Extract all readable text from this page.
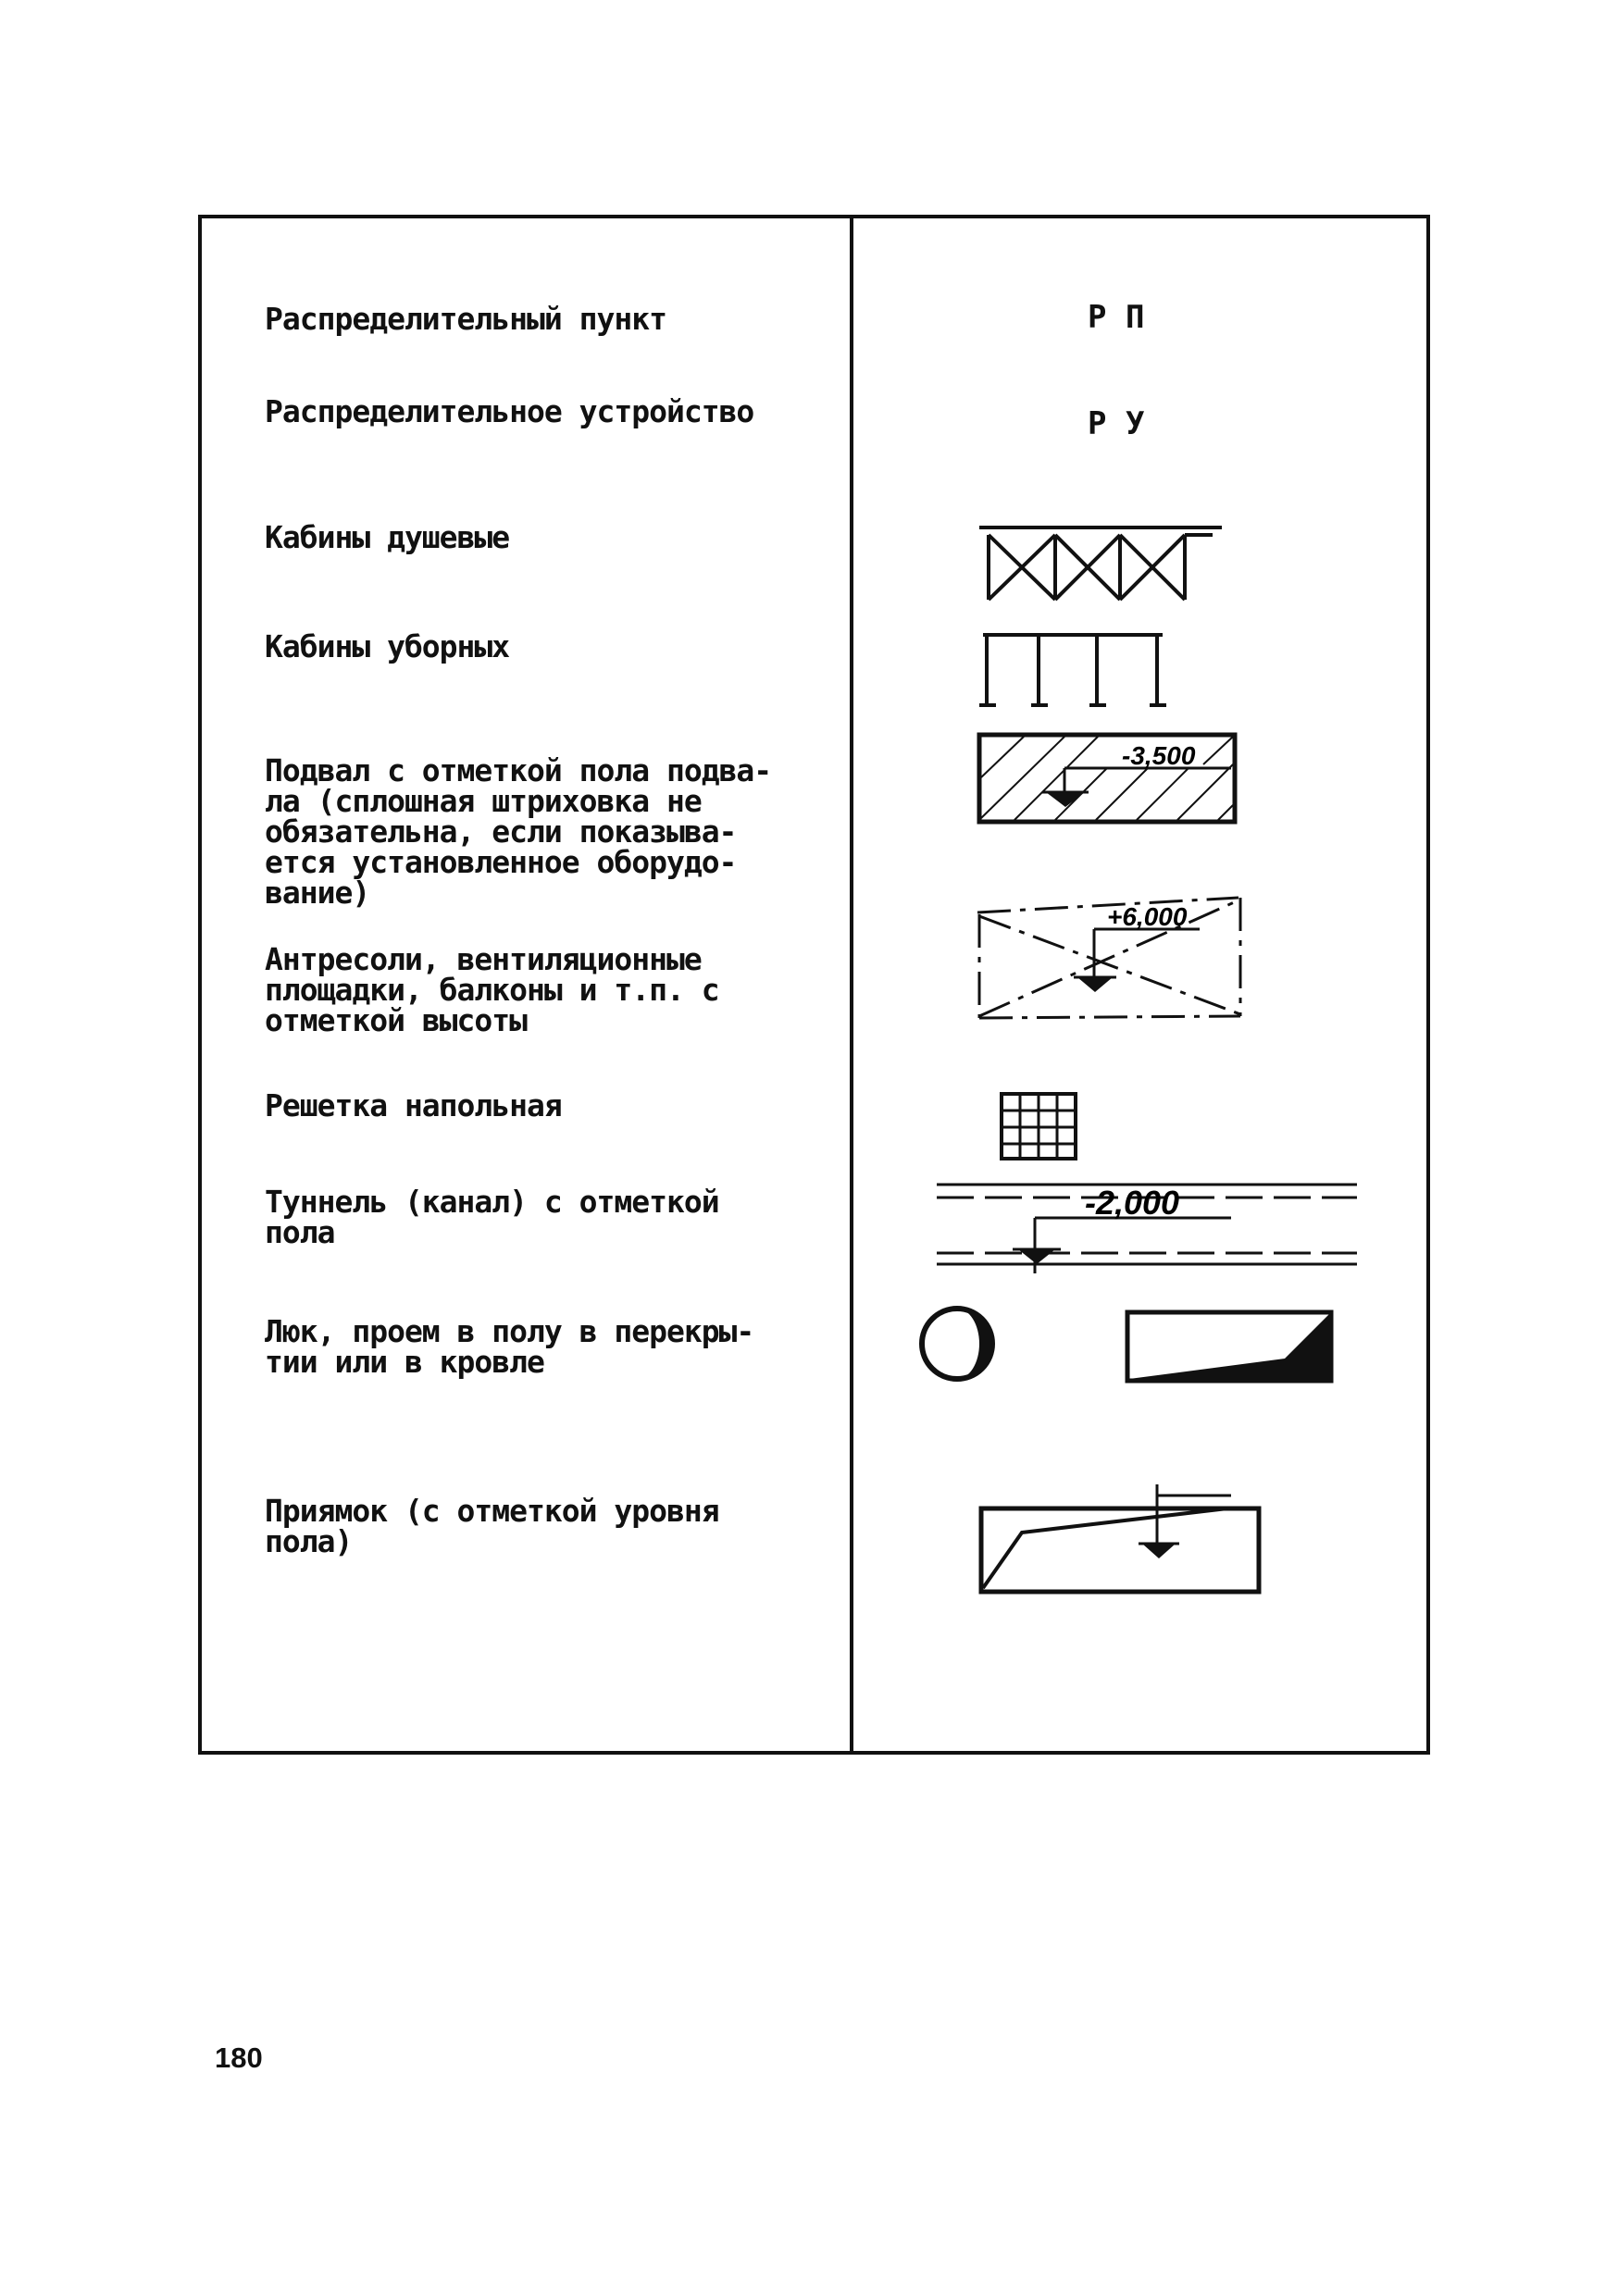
Распределительный пункт
Распределительное устройство
Кабины душевые
Кабины уборных
Подвал с отметкой пола подва-
ла (сплошная штриховка не
обязательна, если показыва-
ется установленное оборудо-
вание)
Антресоли, вентиляционные
площадки, балконы и т.п. с
отметкой высоты
Решетка напольная
Туннель (канал) с отметкой
пола
Люк, проем в полу в перекры-
тии или в кровле
Приямок (с отметкой уровня
пола)
Р П
Р У
-3,500
+6,000
-2,000
180
